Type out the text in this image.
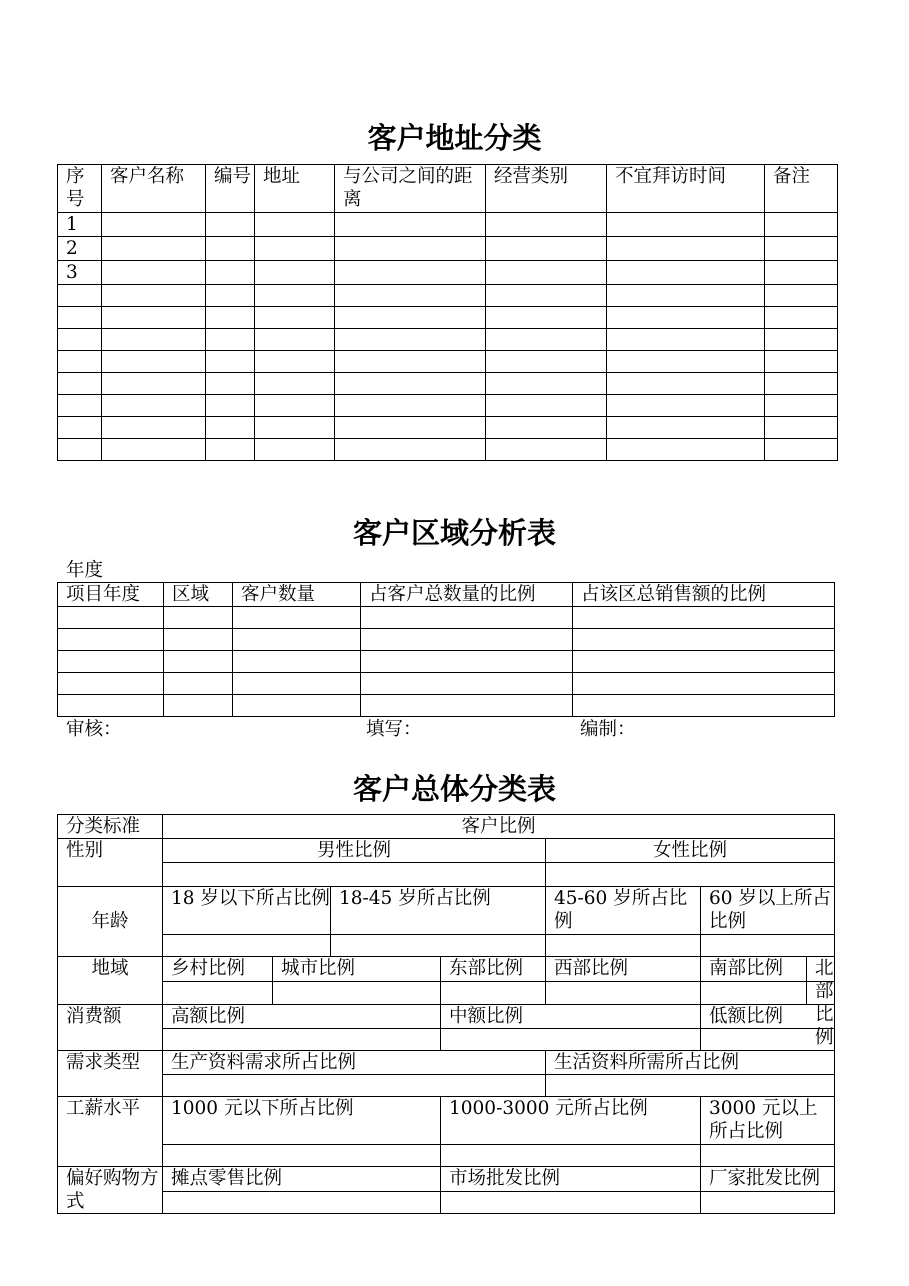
客户地址分类
序号	客户名称	编号	地址	与公司之间的距离	经营类别	不宜拜访时间	备注
1							
2							
3							

客户区域分析表
年度
项目年度	区域	客户数量	占客户总数量的比例	占该区总销售额的比例

审核：	填写：	编制：
客户总体分类表
分类标准	客户比例					
性别	男性比例				女性比例	

年龄	18 岁以下所占比例		18-45 岁所占比例		45-60 岁所占比例	60 岁以上所占比例

地域	乡村比例	城市比例		东部比例	西部比例	南部比例 北部比例

消费额	高额比例			中额比例		低额比例

需求类型	生产资料需求所占比例				生活资料所需所占比例	

工薪水平	1000 元以下所占比例			1000-3000 元所占比例		3000 元以上所占比例

偏好购物方式	摊点零售比例			市场批发比例		厂家批发比例
